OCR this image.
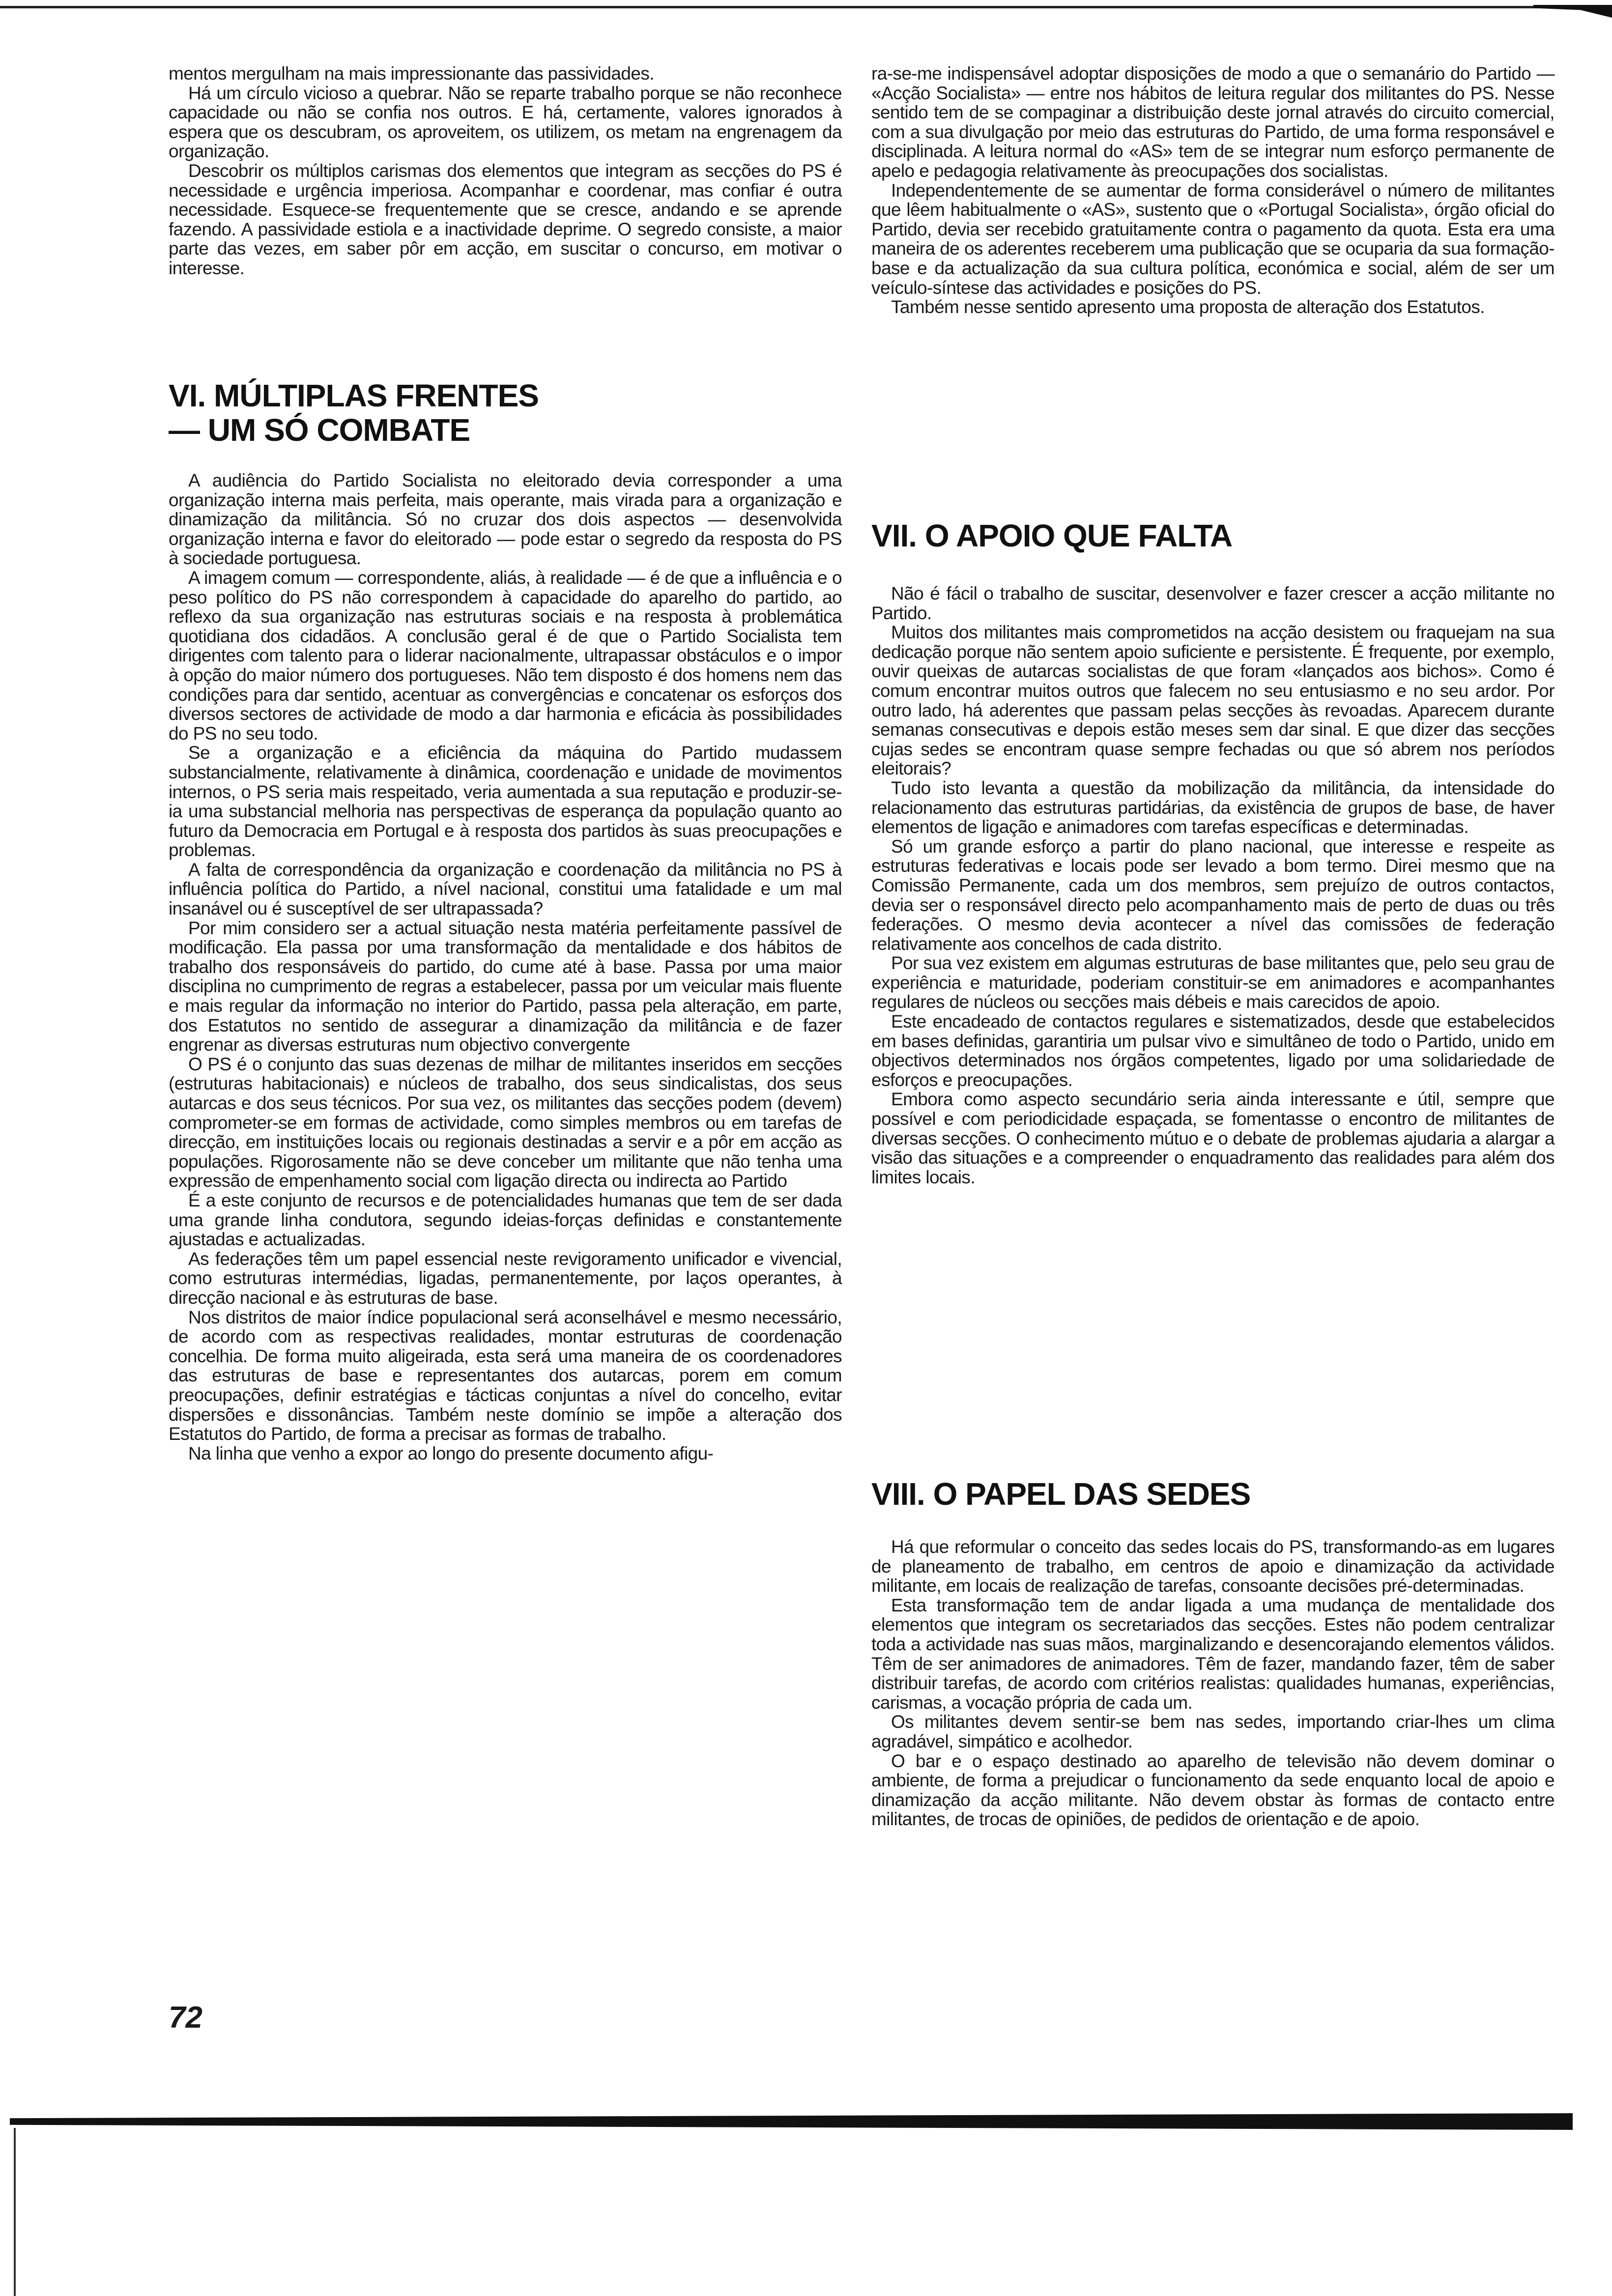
mentos mergulham na mais impressionante das passividades.

Há um círculo vicioso a quebrar. Não se reparte trabalho porque se não reconhece capacidade ou não se confia nos outros. E há, certamente, valores ignorados à espera que os descubram, os aproveitem, os utilizem, os metam na engrenagem da organização.

Descobrir os múltiplos carismas dos elementos que integram as secções do PS é necessidade e urgência imperiosa. Acompanhar e coordenar, mas confiar é outra necessidade. Esquece-se frequentemente que se cresce, andando e se aprende fazendo. A passividade estiola e a inactividade deprime. O segredo consiste, a maior parte das vezes, em saber pôr em acção, em suscitar o concurso, em motivar o interesse.

VI. MÚLTIPLAS FRENTES
— UM SÓ COMBATE

A audiência do Partido Socialista no eleitorado devia corresponder a uma organização interna mais perfeita, mais operante, mais virada para a organização e dinamização da militância. Só no cruzar dos dois aspectos — desenvolvida organização interna e favor do eleitorado — pode estar o segredo da resposta do PS à sociedade portuguesa.

A imagem comum — correspondente, aliás, à realidade — é de que a influência e o peso político do PS não correspondem à capacidade do aparelho do partido, ao reflexo da sua organização nas estruturas sociais e na resposta à problemática quotidiana dos cidadãos. A conclusão geral é de que o Partido Socialista tem dirigentes com talento para o liderar nacionalmente, ultrapassar obstáculos e o impor à opção do maior número dos portugueses. Não tem disposto é dos homens nem das condições para dar sentido, acentuar as convergências e concatenar os esforços dos diversos sectores de actividade de modo a dar harmonia e eficácia às possibilidades do PS no seu todo.

Se a organização e a eficiência da máquina do Partido mudassem substancialmente, relativamente à dinâmica, coordenação e unidade de movimentos internos, o PS seria mais respeitado, veria aumentada a sua reputação e produzir-se-ia uma substancial melhoria nas perspectivas de esperança da população quanto ao futuro da Democracia em Portugal e à resposta dos partidos às suas preocupações e problemas.

A falta de correspondência da organização e coordenação da militância no PS à influência política do Partido, a nível nacional, constitui uma fatalidade e um mal insanável ou é susceptível de ser ultrapassada?

Por mim considero ser a actual situação nesta matéria perfeitamente passível de modificação. Ela passa por uma transformação da mentalidade e dos hábitos de trabalho dos responsáveis do partido, do cume até à base. Passa por uma maior disciplina no cumprimento de regras a estabelecer, passa por um veicular mais fluente e mais regular da informação no interior do Partido, passa pela alteração, em parte, dos Estatutos no sentido de assegurar a dinamização da militância e de fazer engrenar as diversas estruturas num objectivo convergente

O PS é o conjunto das suas dezenas de milhar de militantes inseridos em secções (estruturas habitacionais) e núcleos de trabalho, dos seus sindicalistas, dos seus autarcas e dos seus técnicos. Por sua vez, os militantes das secções podem (devem) comprometer-se em formas de actividade, como simples membros ou em tarefas de direcção, em instituições locais ou regionais destinadas a servir e a pôr em acção as populações. Rigorosamente não se deve conceber um militante que não tenha uma expressão de empenhamento social com ligação directa ou indirecta ao Partido

É a este conjunto de recursos e de potencialidades humanas que tem de ser dada uma grande linha condutora, segundo ideias-forças definidas e constantemente ajustadas e actualizadas.

As federações têm um papel essencial neste revigoramento unificador e vivencial, como estruturas intermédias, ligadas, permanentemente, por laços operantes, à direcção nacional e às estruturas de base.

Nos distritos de maior índice populacional será aconselhável e mesmo necessário, de acordo com as respectivas realidades, montar estruturas de coordenação concelhia. De forma muito aligeirada, esta será uma maneira de os coordenadores das estruturas de base e representantes dos autarcas, porem em comum preocupações, definir estratégias e tácticas conjuntas a nível do concelho, evitar dispersões e dissonâncias. Também neste domínio se impõe a alteração dos Estatutos do Partido, de forma a precisar as formas de trabalho.

Na linha que venho a expor ao longo do presente documento afigu-

72

ra-se-me indispensável adoptar disposições de modo a que o semanário do Partido — «Acção Socialista» — entre nos hábitos de leitura regular dos militantes do PS. Nesse sentido tem de se compaginar a distribuição deste jornal através do circuito comercial, com a sua divulgação por meio das estruturas do Partido, de uma forma responsável e disciplinada. A leitura normal do «AS» tem de se integrar num esforço permanente de apelo e pedagogia relativamente às preocupações dos socialistas.

Independentemente de se aumentar de forma considerável o número de militantes que lêem habitualmente o «AS», sustento que o «Portugal Socialista», órgão oficial do Partido, devia ser recebido gratuitamente contra o pagamento da quota. Esta era uma maneira de os aderentes receberem uma publicação que se ocuparia da sua formação-base e da actualização da sua cultura política, económica e social, além de ser um veículo-síntese das actividades e posições do PS.

Também nesse sentido apresento uma proposta de alteração dos Estatutos.

VII. O APOIO QUE FALTA

Não é fácil o trabalho de suscitar, desenvolver e fazer crescer a acção militante no Partido.

Muitos dos militantes mais comprometidos na acção desistem ou fraquejam na sua dedicação porque não sentem apoio suficiente e persistente. É frequente, por exemplo, ouvir queixas de autarcas socialistas de que foram «lançados aos bichos». Como é comum encontrar muitos outros que falecem no seu entusiasmo e no seu ardor. Por outro lado, há aderentes que passam pelas secções às revoadas. Aparecem durante semanas consecutivas e depois estão meses sem dar sinal. E que dizer das secções cujas sedes se encontram quase sempre fechadas ou que só abrem nos períodos eleitorais?

Tudo isto levanta a questão da mobilização da militância, da intensidade do relacionamento das estruturas partidárias, da existência de grupos de base, de haver elementos de ligação e animadores com tarefas específicas e determinadas.

Só um grande esforço a partir do plano nacional, que interesse e respeite as estruturas federativas e locais pode ser levado a bom termo. Direi mesmo que na Comissão Permanente, cada um dos membros, sem prejuízo de outros contactos, devia ser o responsável directo pelo acompanhamento mais de perto de duas ou três federações. O mesmo devia acontecer a nível das comissões de federação relativamente aos concelhos de cada distrito.

Por sua vez existem em algumas estruturas de base militantes que, pelo seu grau de experiência e maturidade, poderiam constituir-se em animadores e acompanhantes regulares de núcleos ou secções mais débeis e mais carecidos de apoio.

Este encadeado de contactos regulares e sistematizados, desde que estabelecidos em bases definidas, garantiria um pulsar vivo e simultâneo de todo o Partido, unido em objectivos determinados nos órgãos competentes, ligado por uma solidariedade de esforços e preocupações.

Embora como aspecto secundário seria ainda interessante e útil, sempre que possível e com periodicidade espaçada, se fomentasse o encontro de militantes de diversas secções. O conhecimento mútuo e o debate de problemas ajudaria a alargar a visão das situações e a compreender o enquadramento das realidades para além dos limites locais.

VIII. O PAPEL DAS SEDES

Há que reformular o conceito das sedes locais do PS, transformando-as em lugares de planeamento de trabalho, em centros de apoio e dinamização da actividade militante, em locais de realização de tarefas, consoante decisões pré-determinadas.

Esta transformação tem de andar ligada a uma mudança de mentalidade dos elementos que integram os secretariados das secções. Estes não podem centralizar toda a actividade nas suas mãos, marginalizando e desencorajando elementos válidos. Têm de ser animadores de animadores. Têm de fazer, mandando fazer, têm de saber distribuir tarefas, de acordo com critérios realistas: qualidades humanas, experiências, carismas, a vocação própria de cada um.

Os militantes devem sentir-se bem nas sedes, importando criar-lhes um clima agradável, simpático e acolhedor.

O bar e o espaço destinado ao aparelho de televisão não devem dominar o ambiente, de forma a prejudicar o funcionamento da sede enquanto local de apoio e dinamização da acção militante. Não devem obstar às formas de contacto entre militantes, de trocas de opiniões, de pedidos de orientação e de apoio.
